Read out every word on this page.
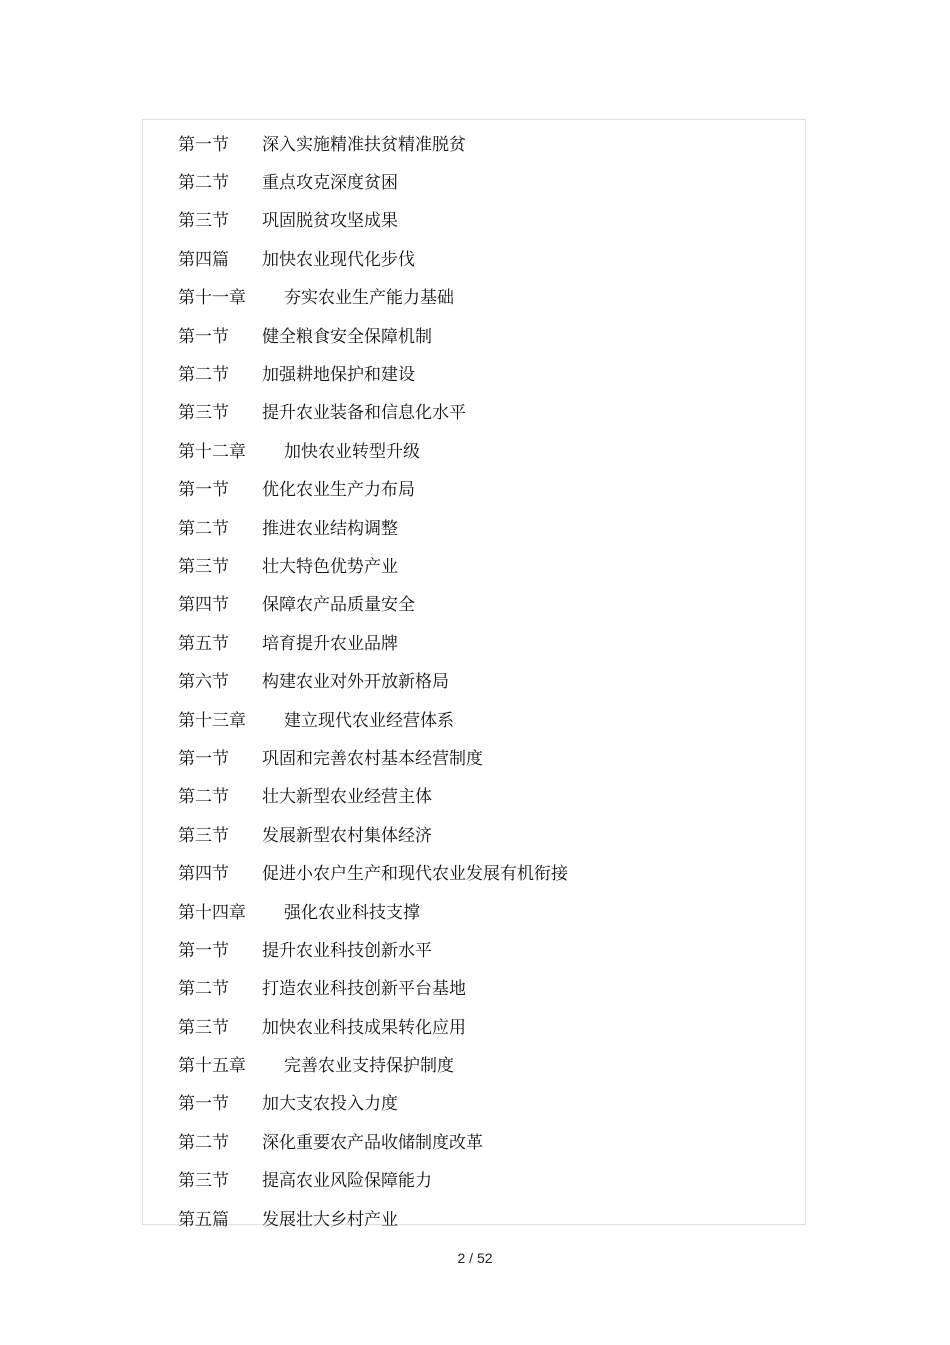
第一节	深入实施精准扶贫精准脱贫
第二节	重点攻克深度贫困
第三节	巩固脱贫攻坚成果
第四篇	加快农业现代化步伐
第十一章	夯实农业生产能力基础
第一节	健全粮食安全保障机制
第二节	加强耕地保护和建设
第三节	提升农业装备和信息化水平
第十二章	加快农业转型升级
第一节	优化农业生产力布局
第二节	推进农业结构调整
第三节	壮大特色优势产业
第四节	保障农产品质量安全
第五节	培育提升农业品牌
第六节	构建农业对外开放新格局
第十三章	建立现代农业经营体系
第一节	巩固和完善农村基本经营制度
第二节	壮大新型农业经营主体
第三节	发展新型农村集体经济
第四节	促进小农户生产和现代农业发展有机衔接
第十四章	强化农业科技支撑
第一节	提升农业科技创新水平
第二节	打造农业科技创新平台基地
第三节	加快农业科技成果转化应用
第十五章	完善农业支持保护制度
第一节	加大支农投入力度
第二节	深化重要农产品收储制度改革
第三节	提高农业风险保障能力
第五篇	发展壮大乡村产业
2 / 52
